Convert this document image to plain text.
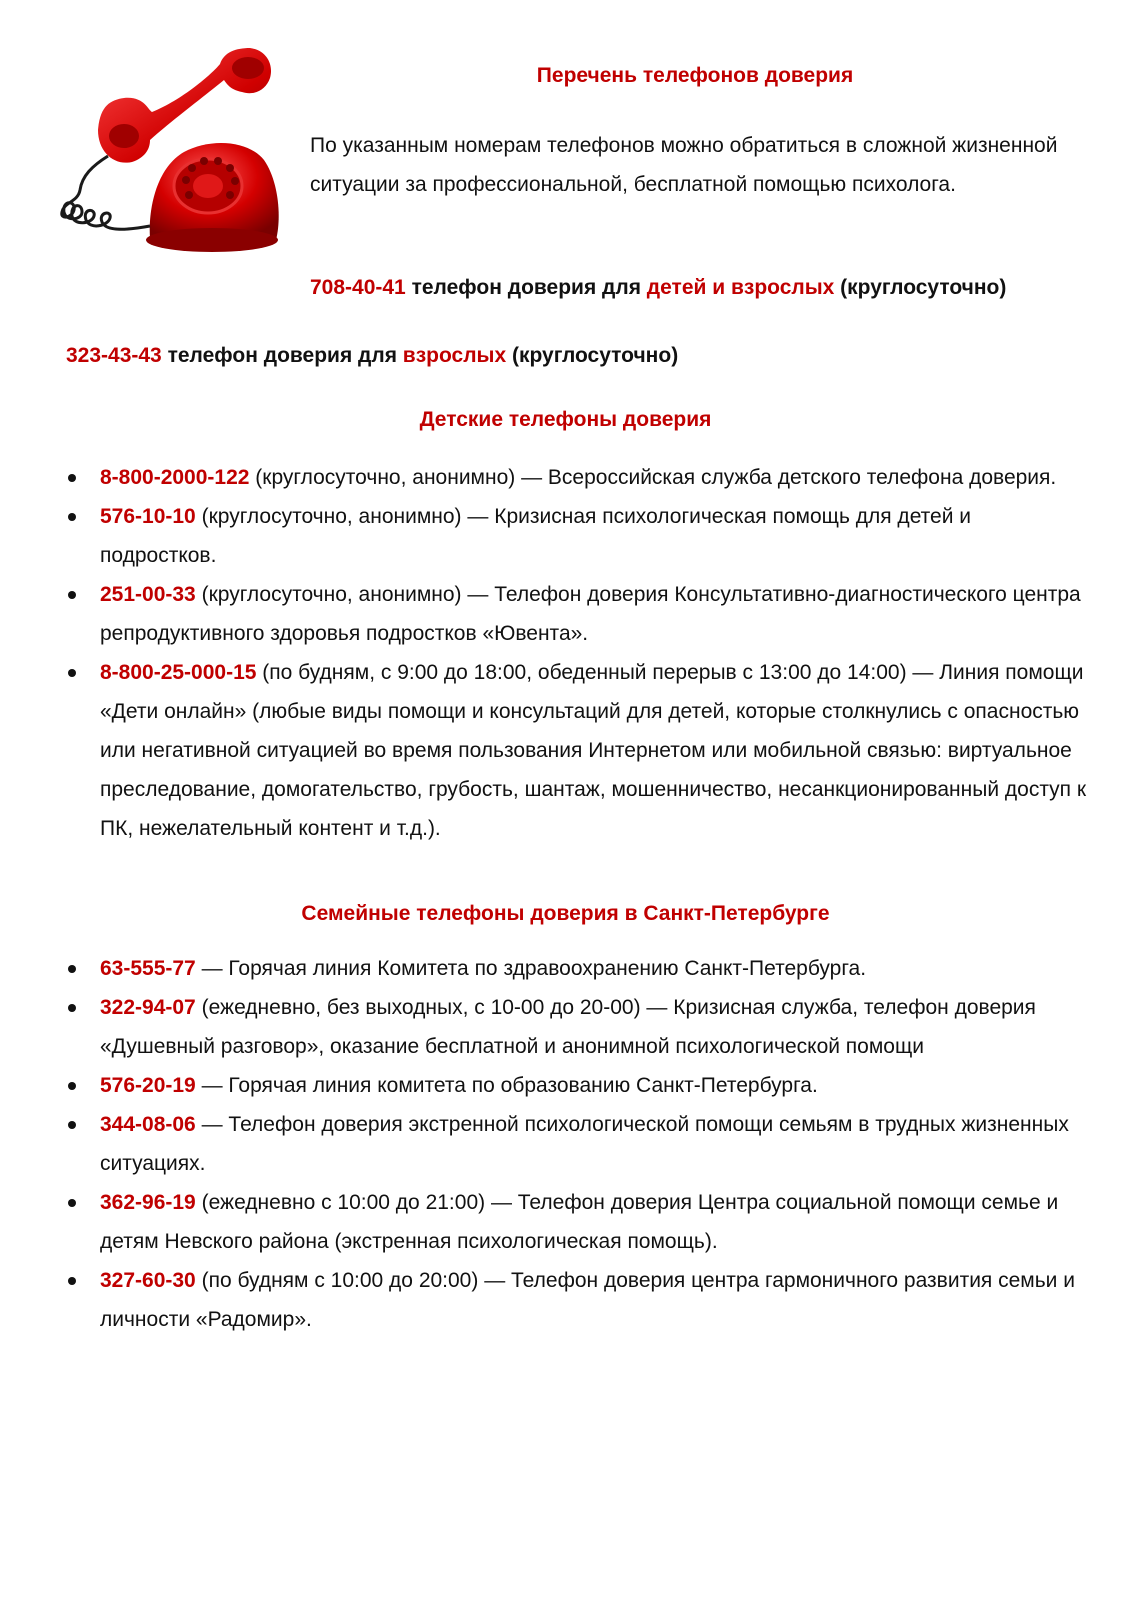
Перечень телефонов доверия

По указанным номерам телефонов можно обратиться в сложной жизненной ситуации за профессиональной, бесплатной помощью психолога.

708-40-41 телефон доверия для детей и взрослых (круглосуточно)

323-43-43 телефон доверия для взрослых (круглосуточно)

Детские телефоны доверия
8-800-2000-122 (круглосуточно, анонимно) — Всероссийская служба детского телефона доверия.
576-10-10 (круглосуточно, анонимно) — Кризисная психологическая помощь для детей и подростков.
251-00-33 (круглосуточно, анонимно) — Телефон доверия Консультативно-диагностического центра репродуктивного здоровья подростков «Ювента».
8-800-25-000-15 (по будням, с 9:00 до 18:00, обеденный перерыв с 13:00 до 14:00) — Линия помощи «Дети онлайн» (любые виды помощи и консультаций для детей, которые столкнулись с опасностью или негативной ситуацией во время пользования Интернетом или мобильной связью: виртуальное преследование, домогательство, грубость, шантаж, мошенничество, несанкционированный доступ к ПК, нежелательный контент и т.д.).
Семейные телефоны доверия в Санкт-Петербурге
63-555-77 — Горячая линия Комитета по здравоохранению Санкт-Петербурга.
322-94-07 (ежедневно, без выходных, с 10-00 до 20-00) — Кризисная служба, телефон доверия «Душевный разговор», оказание бесплатной и анонимной психологической помощи
576-20-19 — Горячая линия комитета по образованию Санкт-Петербурга.
344-08-06 — Телефон доверия экстренной психологической помощи семьям в трудных жизненных ситуациях.
362-96-19 (ежедневно с 10:00 до 21:00) — Телефон доверия Центра социальной помощи семье и детям Невского района (экстренная психологическая помощь).
327-60-30 (по будням с 10:00 до 20:00) — Телефон доверия центра гармоничного развития семьи и личности «Радомир».
